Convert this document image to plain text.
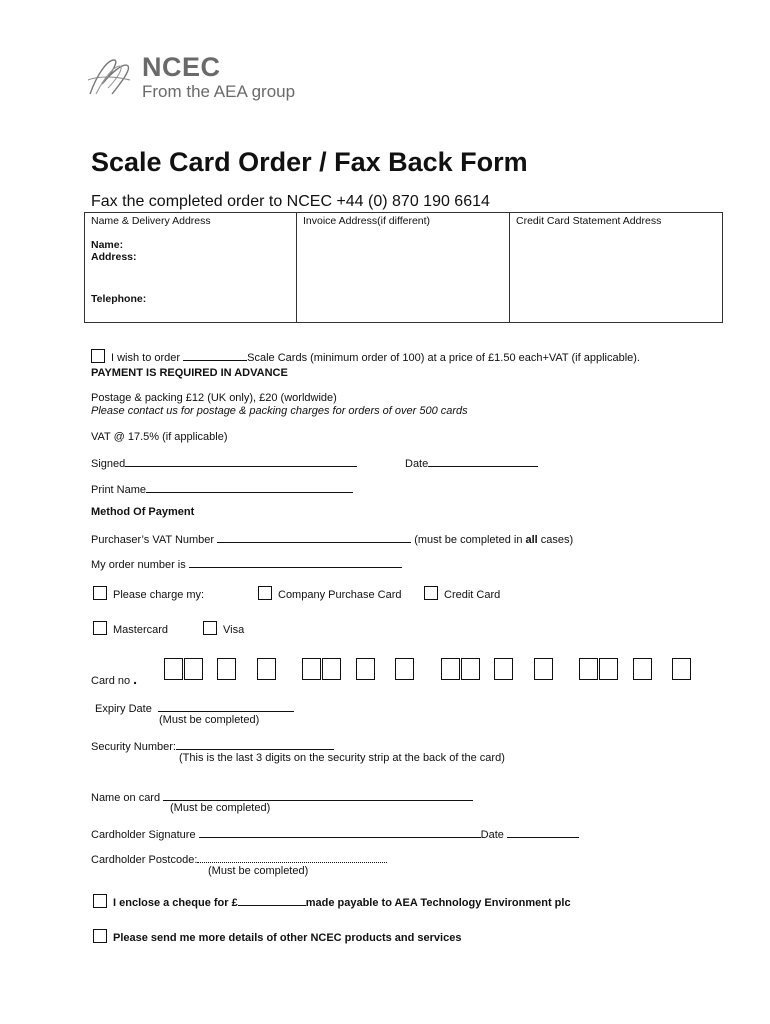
NCEC
From the AEA group
Scale Card Order / Fax Back Form
Fax the completed order to NCEC +44 (0) 870 190 6614
Name & Delivery Address
Name:
Address:
Telephone:

Invoice Address(if different)	Credit Card Statement Address
I wish to order	Scale Cards (minimum order of 100) at a price of £1.50 each+VAT (if applicable).
PAYMENT IS REQUIRED IN ADVANCE
Postage & packing £12 (UK only), £20 (worldwide)
Please contact us for postage & packing charges for orders of over 500 cards
VAT @ 17.5% (if applicable)
Signed	Date
Print Name
Method Of Payment
Purchaser’s VAT Number	(must be completed in all cases)
My order number is
Please charge my:	Company Purchase Card	Credit Card
Mastercard	Visa
Card no .
Expiry Date
(Must be completed)
Security Number:
(This is the last 3 digits on the security strip at the back of the card)
Name on card
(Must be completed)
Cardholder Signature	Date
Cardholder Postcode:
(Must be completed)
I enclose a cheque for £	made payable to AEA Technology Environment plc
Please send me more details of other NCEC products and services
